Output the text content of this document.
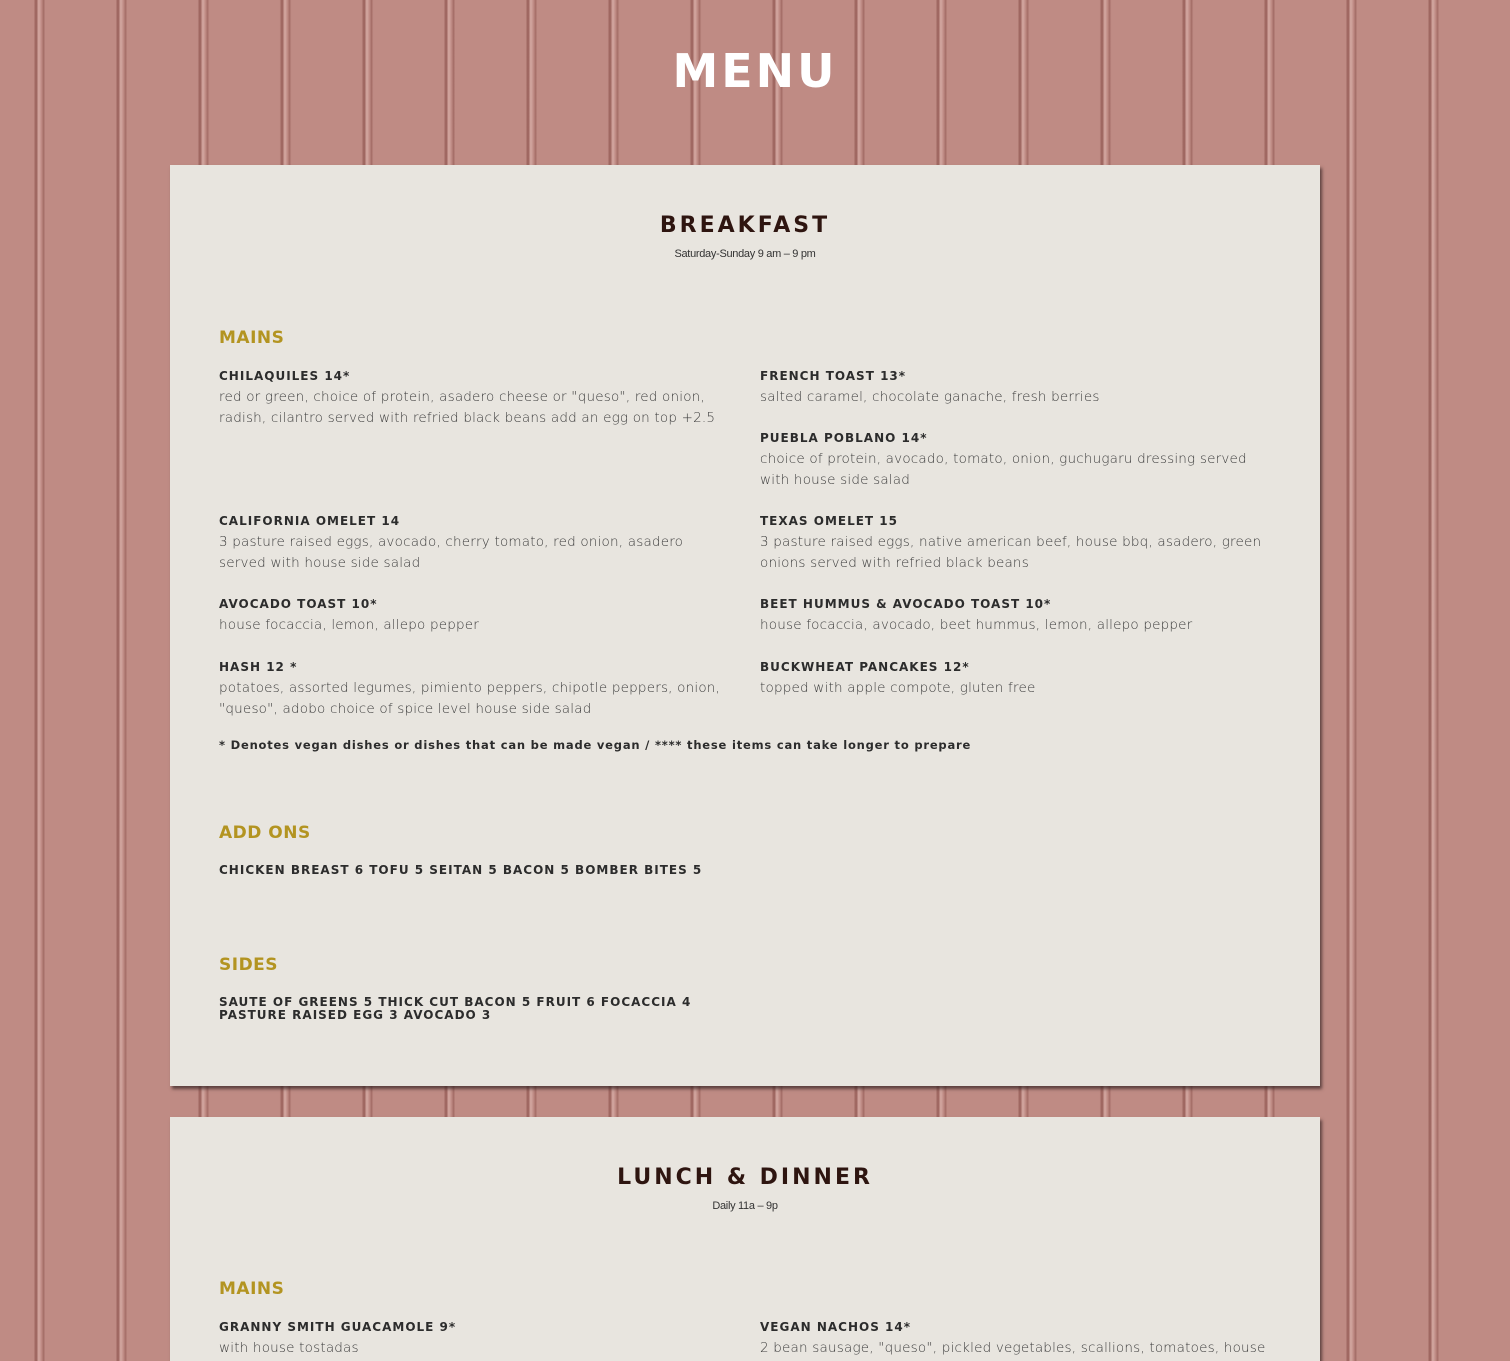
MENU
BREAKFAST
Saturday-Sunday 9 am – 9 pm
MAINS
CHILAQUILES 14*
red or green, choice of protein, asadero cheese or "queso", red onion, radish, cilantro served with refried black beans add an egg on top +2.5
FRENCH TOAST 13*
salted caramel, chocolate ganache, fresh berries
PUEBLA POBLANO 14*
choice of protein, avocado, tomato, onion, guchugaru dressing served with house side salad
CALIFORNIA OMELET 14
3 pasture raised eggs, avocado, cherry tomato, red onion, asadero served with house side salad
TEXAS OMELET 15
3 pasture raised eggs, native american beef, house bbq, asadero, green onions served with refried black beans
AVOCADO TOAST 10*
house focaccia, lemon, allepo pepper
BEET HUMMUS & AVOCADO TOAST 10*
house focaccia, avocado, beet hummus, lemon, allepo pepper
HASH 12 *
potatoes, assorted legumes, pimiento peppers, chipotle peppers, onion, "queso", adobo choice of spice level house side salad
BUCKWHEAT PANCAKES 12*
topped with apple compote, gluten free
* Denotes vegan dishes or dishes that can be made vegan / **** these items can take longer to prepare
ADD ONS
CHICKEN BREAST 6 TOFU 5 SEITAN 5 BACON 5 BOMBER BITES 5
SIDES
SAUTE OF GREENS 5 THICK CUT BACON 5 FRUIT 6 FOCACCIA 4 PASTURE RAISED EGG 3 AVOCADO 3
LUNCH & DINNER
Daily 11a – 9p
MAINS
GRANNY SMITH GUACAMOLE 9*
with house tostadas
VEGAN NACHOS 14*
2 bean sausage, "queso", pickled vegetables, scallions, tomatoes, house
